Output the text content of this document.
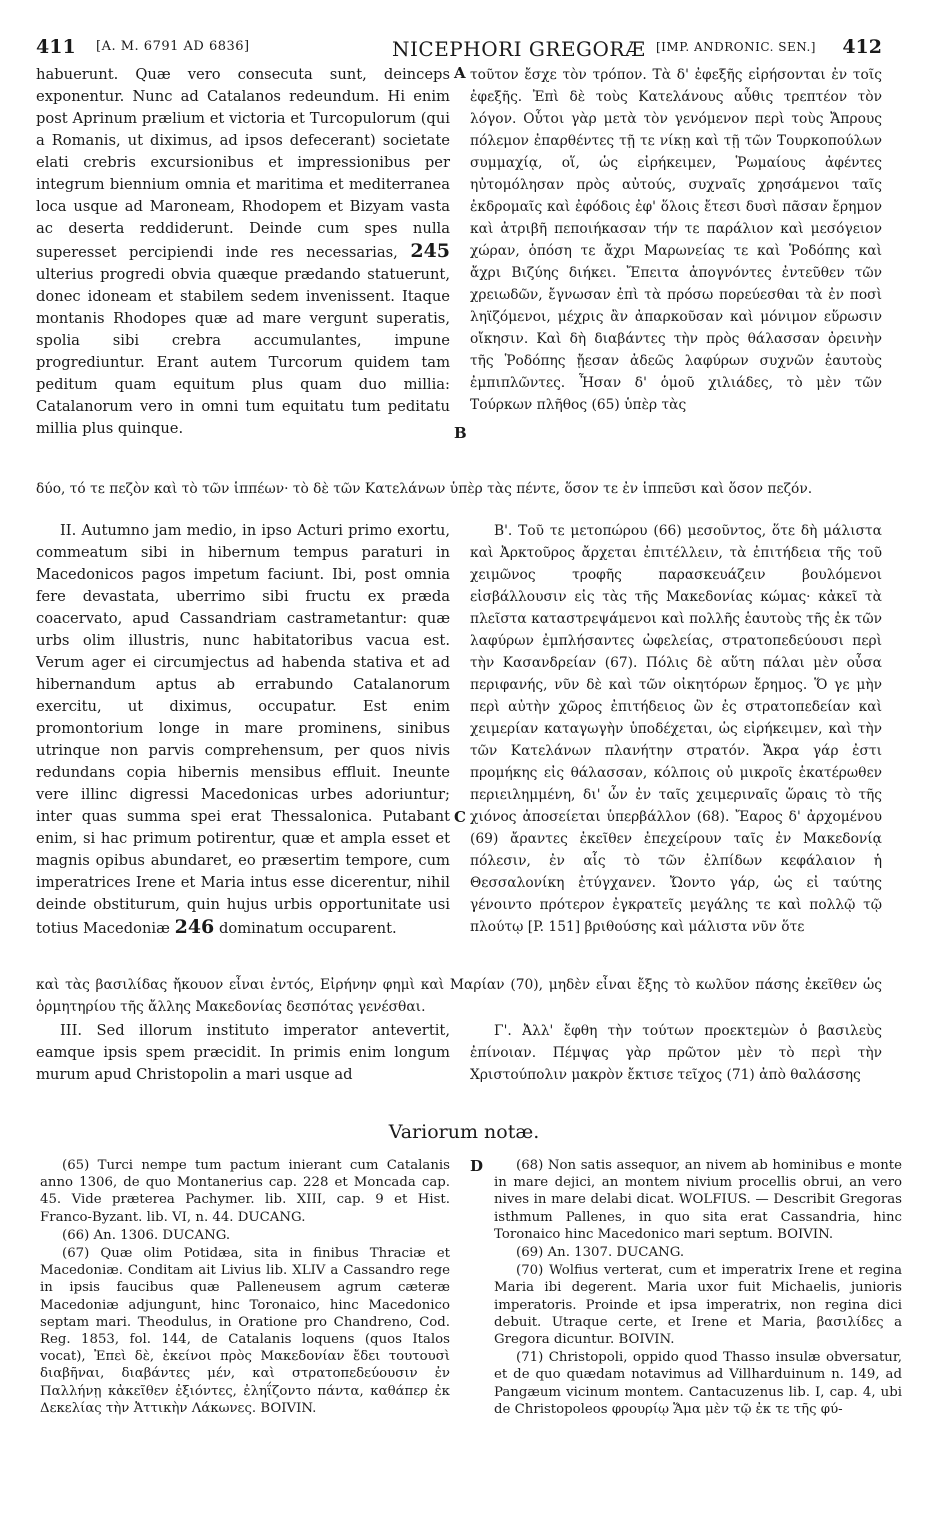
411 [A. M. 6791 AD 6836]	NICEPHORI GREGORÆ [IMP. ANDRONIC. SEN.] 412

habuerunt. Quæ vero consecuta sunt, deinceps exponentur. Nunc ad Catalanos redeundum. Hi enim post Aprinum prælium et victoria et Turcopulorum (qui a Romanis, ut diximus, ad ipsos defecerant) societate elati crebris excursionibus et impressionibus per integrum biennium omnia et maritima et mediterranea loca usque ad Maroneam, Rhodopem et Bizyam vasta ac deserta reddiderunt. Deinde cum spes nulla superesset percipiendi inde res necessarias, 245 ulterius progredi obvia quæque prædando statuerunt, donec idoneam et stabilem sedem invenissent. Itaque montanis Rhodopes quæ ad mare vergunt superatis, spolia sibi crebra accumulantes, impune progrediuntur. Erant autem Turcorum quidem tam peditum quam equitum plus quam duo millia: Catalanorum vero in omni tum equitatu tum peditatu millia plus quinque.

τοῦτον ἔσχε τὸν τρόπον. Τὰ δ' ἐφεξῆς εἰρήσονται ἐν τοῖς ἐφεξῆς. Ἐπὶ δὲ τοὺς Κατελάνους αὖθις τρεπτέον τὸν λόγον. Οὗτοι γὰρ μετὰ τὸν γενόμενον περὶ τοὺς Ἄπρους πόλεμον ἐπαρθέντες τῇ τε νίκῃ καὶ τῇ τῶν Τουρκοπούλων συμμαχίᾳ, οἵ, ὡς εἰρήκειμεν, Ῥωμαίους ἀφέντες ηὐτομόλησαν πρὸς αὐτούς, συχναῖς χρησάμενοι ταῖς ἐκδρομαῖς καὶ ἐφόδοις ἐφ' ὅλοις ἔτεσι δυσὶ πᾶσαν ἔρημον καὶ ἀτριβῆ πεποιήκασαν τήν τε παράλιον καὶ μεσόγειον χώραν, ὁπόση τε ἄχρι Μαρωνείας τε καὶ Ῥοδόπης καὶ ἄχρι Βιζύης διήκει. Ἔπειτα ἀπογνόντες ἐντεῦθεν τῶν χρειωδῶν, ἔγνωσαν ἐπὶ τὰ πρόσω πορεύεσθαι τὰ ἐν ποσὶ ληϊζόμενοι, μέχρις ἂν ἀπαρκοῦσαν καὶ μόνιμον εὕρωσιν οἴκησιν. Καὶ δὴ διαβάντες τὴν πρὸς θάλασσαν ὀρεινὴν τῆς Ῥοδόπης ᾔεσαν ἀδεῶς λαφύρων συχνῶν ἑαυτοὺς ἐμπιπλῶντες. Ἦσαν δ' ὁμοῦ χιλιάδες, τὸ μὲν τῶν Τούρκων πλῆθος (65) ὑπὲρ τὰς

A
B
δύο, τό τε πεζὸν καὶ τὸ τῶν ἱππέων· τὸ δὲ τῶν Κατελάνων ὑπὲρ τὰς πέντε, ὅσον τε ἐν ἱππεῦσι καὶ ὅσον πεζόν.

II. Autumno jam medio, in ipso Acturi primo exortu, commeatum sibi in hibernum tempus paraturi in Macedonicos pagos impetum faciunt. Ibi, post omnia fere devastata, uberrimo sibi fructu ex præda coacervato, apud Cassandriam castrametantur: quæ urbs olim illustris, nunc habitatoribus vacua est. Verum ager ei circumjectus ad habenda stativa et ad hibernandum aptus ab errabundo Catalanorum exercitu, ut diximus, occupatur. Est enim promontorium longe in mare prominens, sinibus utrinque non parvis comprehensum, per quos nivis redundans copia hibernis mensibus effluit. Ineunte vere illinc digressi Macedonicas urbes adoriuntur; inter quas summa spei erat Thessalonica. Putabant enim, si hac primum potirentur, quæ et ampla esset et magnis opibus abundaret, eo præsertim tempore, cum imperatrices Irene et Maria intus esse dicerentur, nihil deinde obstiturum, quin hujus urbis opportunitate usi totius Macedoniæ 246 dominatum occuparent.

Β'. Τοῦ τε μετοπώρου (66) μεσοῦντος, ὅτε δὴ μάλιστα καὶ Ἀρκτοῦρος ἄρχεται ἐπιτέλλειν, τὰ ἐπιτήδεια τῆς τοῦ χειμῶνος τροφῆς παρασκευάζειν βουλόμενοι εἰσβάλλουσιν εἰς τὰς τῆς Μακεδονίας κώμας· κἀκεῖ τὰ πλεῖστα καταστρεψάμενοι καὶ πολλῆς ἑαυτοὺς τῆς ἐκ τῶν λαφύρων ἐμπλήσαντες ὠφελείας, στρατοπεδεύουσι περὶ τὴν Κασανδρείαν (67). Πόλις δὲ αὕτη πάλαι μὲν οὖσα περιφανής, νῦν δὲ καὶ τῶν οἰκητόρων ἔρημος. Ὅ γε μὴν περὶ αὐτὴν χῶρος ἐπιτήδειος ὢν ἐς στρατοπεδείαν καὶ χειμερίαν καταγωγὴν ὑποδέχεται, ὡς εἰρήκειμεν, καὶ τὴν τῶν Κατελάνων πλανήτην στρατόν. Ἄκρα γάρ ἐστι προμήκης εἰς θάλασσαν, κόλποις οὐ μικροῖς ἑκατέρωθεν περιειλημμένη, δι' ὧν ἐν ταῖς χειμεριναῖς ὥραις τὸ τῆς χιόνος ἀποσείεται ὑπερβάλλον (68). Ἔαρος δ' ἀρχομένου (69) ἄραντες ἐκεῖθεν ἐπεχείρουν ταῖς ἐν Μακεδονίᾳ πόλεσιν, ἐν αἷς τὸ τῶν ἐλπίδων κεφάλαιον ἡ Θεσσαλονίκη ἐτύγχανεν. Ὤοντο γάρ, ὡς εἰ ταύτης γένοιντο πρότερον ἐγκρατεῖς μεγάλης τε καὶ πολλῷ τῷ πλούτῳ [P. 151] βριθούσης καὶ μάλιστα νῦν ὅτε

C
καὶ τὰς βασιλίδας ἤκουον εἶναι ἐντός, Εἰρήνην φημὶ καὶ Μαρίαν (70), μηδὲν εἶναι ἔξης τὸ κωλῦον πάσης ἐκεῖθεν ὡς ὁρμητηρίου τῆς ἄλλης Μακεδονίας δεσπότας γενέσθαι.

III. Sed illorum instituto imperator antevertit, eamque ipsis spem præcidit. In primis enim longum murum apud Christopolin a mari usque ad

Γ'. Ἀλλ' ἔφθη τὴν τούτων προεκτεμὼν ὁ βασιλεὺς ἐπίνοιαν. Πέμψας γὰρ πρῶτον μὲν τὸ περὶ τὴν Χριστούπολιν μακρὸν ἔκτισε τεῖχος (71) ἀπὸ θαλάσσης

Variorum notæ.

(65) Turci nempe tum pactum inierant cum Catalanis anno 1306, de quo Montanerius cap. 228 et Moncada cap. 45. Vide præterea Pachymer. lib. XIII, cap. 9 et Hist. Franco-Byzant. lib. VI, n. 44. DUCANG.

(66) An. 1306. DUCANG.

(67) Quæ olim Potidæa, sita in finibus Thraciæ et Macedoniæ. Conditam ait Livius lib. XLIV a Cassandro rege in ipsis faucibus quæ Palleneusem agrum cæteræ Macedoniæ adjungunt, hinc Toronaico, hinc Macedonico septam mari. Theodulus, in Oratione pro Chandreno, Cod. Reg. 1853, fol. 144, de Catalanis loquens (quos Italos vocat), Ἐπεὶ δὲ, ἐκείνοι πρὸς Μακεδονίαν ἔδει τουτουσὶ διαβῆναι, διαβάντες μέν, καὶ στρατοπεδεύουσιν ἐν Παλλήνῃ κἀκεῖθεν ἐξιόντες, ἐληΐζοντο πάντα, καθάπερ ἐκ Δεκελίας τὴν Ἀττικὴν Λάκωνες. BOIVIN.

D	(68) Non satis assequor, an nivem ab hominibus e monte in mare dejici, an montem nivium procellis obrui, an vero nives in mare delabi dicat. WOLFIUS. — Describit Gregoras isthmum Pallenes, in quo sita erat Cassandria, hinc Toronaico hinc Macedonico mari septum. BOIVIN.

(69) An. 1307. DUCANG.

(70) Wolfius verterat, cum et imperatrix Irene et regina Maria ibi degerent. Maria uxor fuit Michaelis, junioris imperatoris. Proinde et ipsa imperatrix, non regina dici debuit. Utraque certe, et Irene et Maria, βασιλίδες a Gregora dicuntur. BOIVIN.

(71) Christopoli, oppido quod Thasso insulæ obversatur, et de quo quædam notavimus ad Villharduinum n. 149, ad Pangæum vicinum montem. Cantacuzenus lib. I, cap. 4, ubi de Christopoleos φρουρίῳ Ἅμα μὲν τῷ ἐκ τε τῆς φύ-
